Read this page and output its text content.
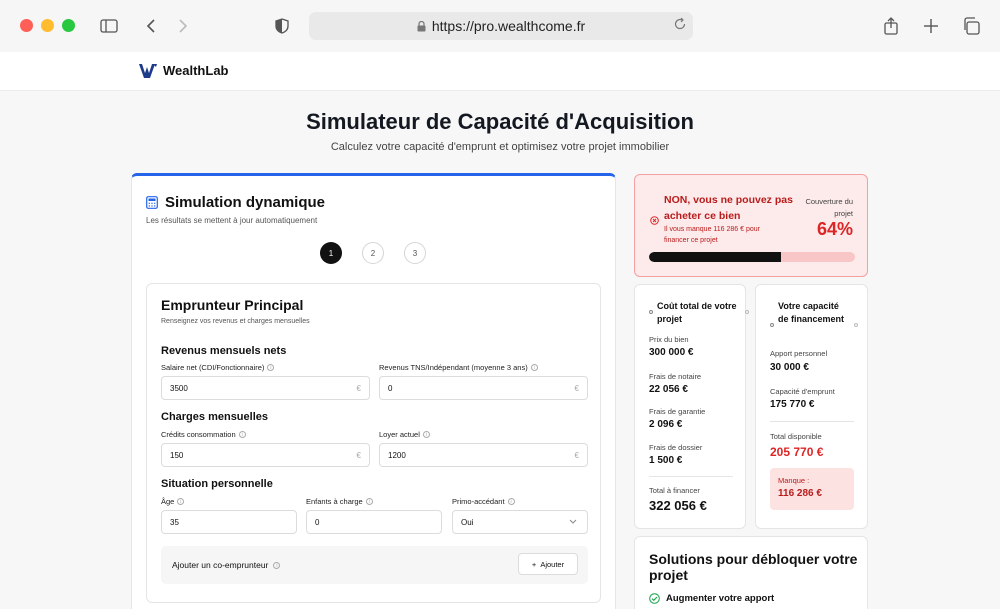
https://pro.wealthcome.fr
WealthLab
Simulateur de Capacité d'Acquisition

Calculez votre capacité d'emprunt et optimisez votre projet immobilier

Simulation dynamique
Les résultats se mettent à jour automatiquement
1	2	3
Emprunteur Principal
Renseignez vos revenus et charges mensuelles
Revenus mensuels nets
Salaire net (CDI/Fonctionnaire)	i	Revenus TNS/Indépendant (moyenne 3 ans)	i
3500	€	0	€
Charges mensuelles
Crédits consommation	i	Loyer actuel	i
150	€	1200	€
Situation personnelle
Âge	i	Enfants à charge	i	Primo-accédant	i
35	0	Oui
Ajouter un co-emprunteur	i	+ Ajouter
NON, vous ne pouvez pas acheter ce bien
Il vous manque 116 286 € pour financer ce projet
Couverture du projet
64%
Coût total de votre projet
Prix du bien
300 000 €
Frais de notaire
22 056 €
Frais de garantie
2 096 €
Frais de dossier
1 500 €
Total à financer
322 056 €
Votre capacité de financement
Apport personnel
30 000 €
Capacité d'emprunt
175 770 €
Total disponible
205 770 €
Manque :
116 286 €
Solutions pour débloquer votre projet
Augmenter votre apport
